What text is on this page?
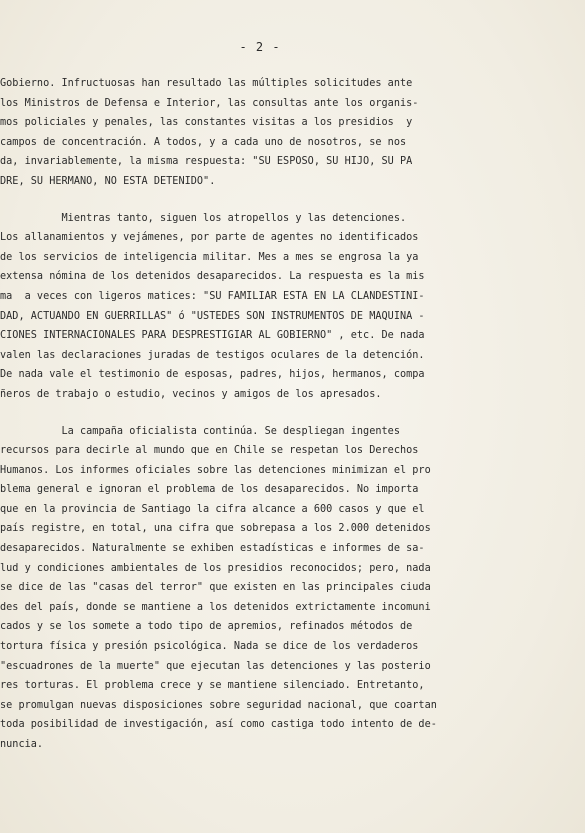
- 2 -
Gobierno. Infructuosas han resultado las múltiples solicitudes ante
los Ministros de Defensa e Interior, las consultas ante los organis-
mos policiales y penales, las constantes visitas a los presidios  y
campos de concentración. A todos, y a cada uno de nosotros, se nos
da, invariablemente, la misma respuesta: "SU ESPOSO, SU HIJO, SU PA
DRE, SU HERMANO, NO ESTA DETENIDO".
Mientras tanto, siguen los atropellos y las detenciones.
Los allanamientos y vejámenes, por parte de agentes no identificados
de los servicios de inteligencia militar. Mes a mes se engrosa la ya
extensa nómina de los detenidos desaparecidos. La respuesta es la mis
ma  a veces con ligeros matices: "SU FAMILIAR ESTA EN LA CLANDESTINI-
DAD, ACTUANDO EN GUERRILLAS" ó "USTEDES SON INSTRUMENTOS DE MAQUINA -
CIONES INTERNACIONALES PARA DESPRESTIGIAR AL GOBIERNO" , etc. De nada
valen las declaraciones juradas de testigos oculares de la detención.
De nada vale el testimonio de esposas, padres, hijos, hermanos, compa
ñeros de trabajo o estudio, vecinos y amigos de los apresados.
La campaña oficialista continúa. Se despliegan ingentes
recursos para decirle al mundo que en Chile se respetan los Derechos
Humanos. Los informes oficiales sobre las detenciones minimizan el pro
blema general e ignoran el problema de los desaparecidos. No importa
que en la provincia de Santiago la cifra alcance a 600 casos y que el
país registre, en total, una cifra que sobrepasa a los 2.000 detenidos
desaparecidos. Naturalmente se exhiben estadísticas e informes de sa-
lud y condiciones ambientales de los presidios reconocidos; pero, nada
se dice de las "casas del terror" que existen en las principales ciuda
des del país, donde se mantiene a los detenidos extrictamente incomuni
cados y se los somete a todo tipo de apremios, refinados métodos de
tortura física y presión psicológica. Nada se dice de los verdaderos
"escuadrones de la muerte" que ejecutan las detenciones y las posterio
res torturas. El problema crece y se mantiene silenciado. Entretanto,
se promulgan nuevas disposiciones sobre seguridad nacional, que coartan
toda posibilidad de investigación, así como castiga todo intento de de-
nuncia.
